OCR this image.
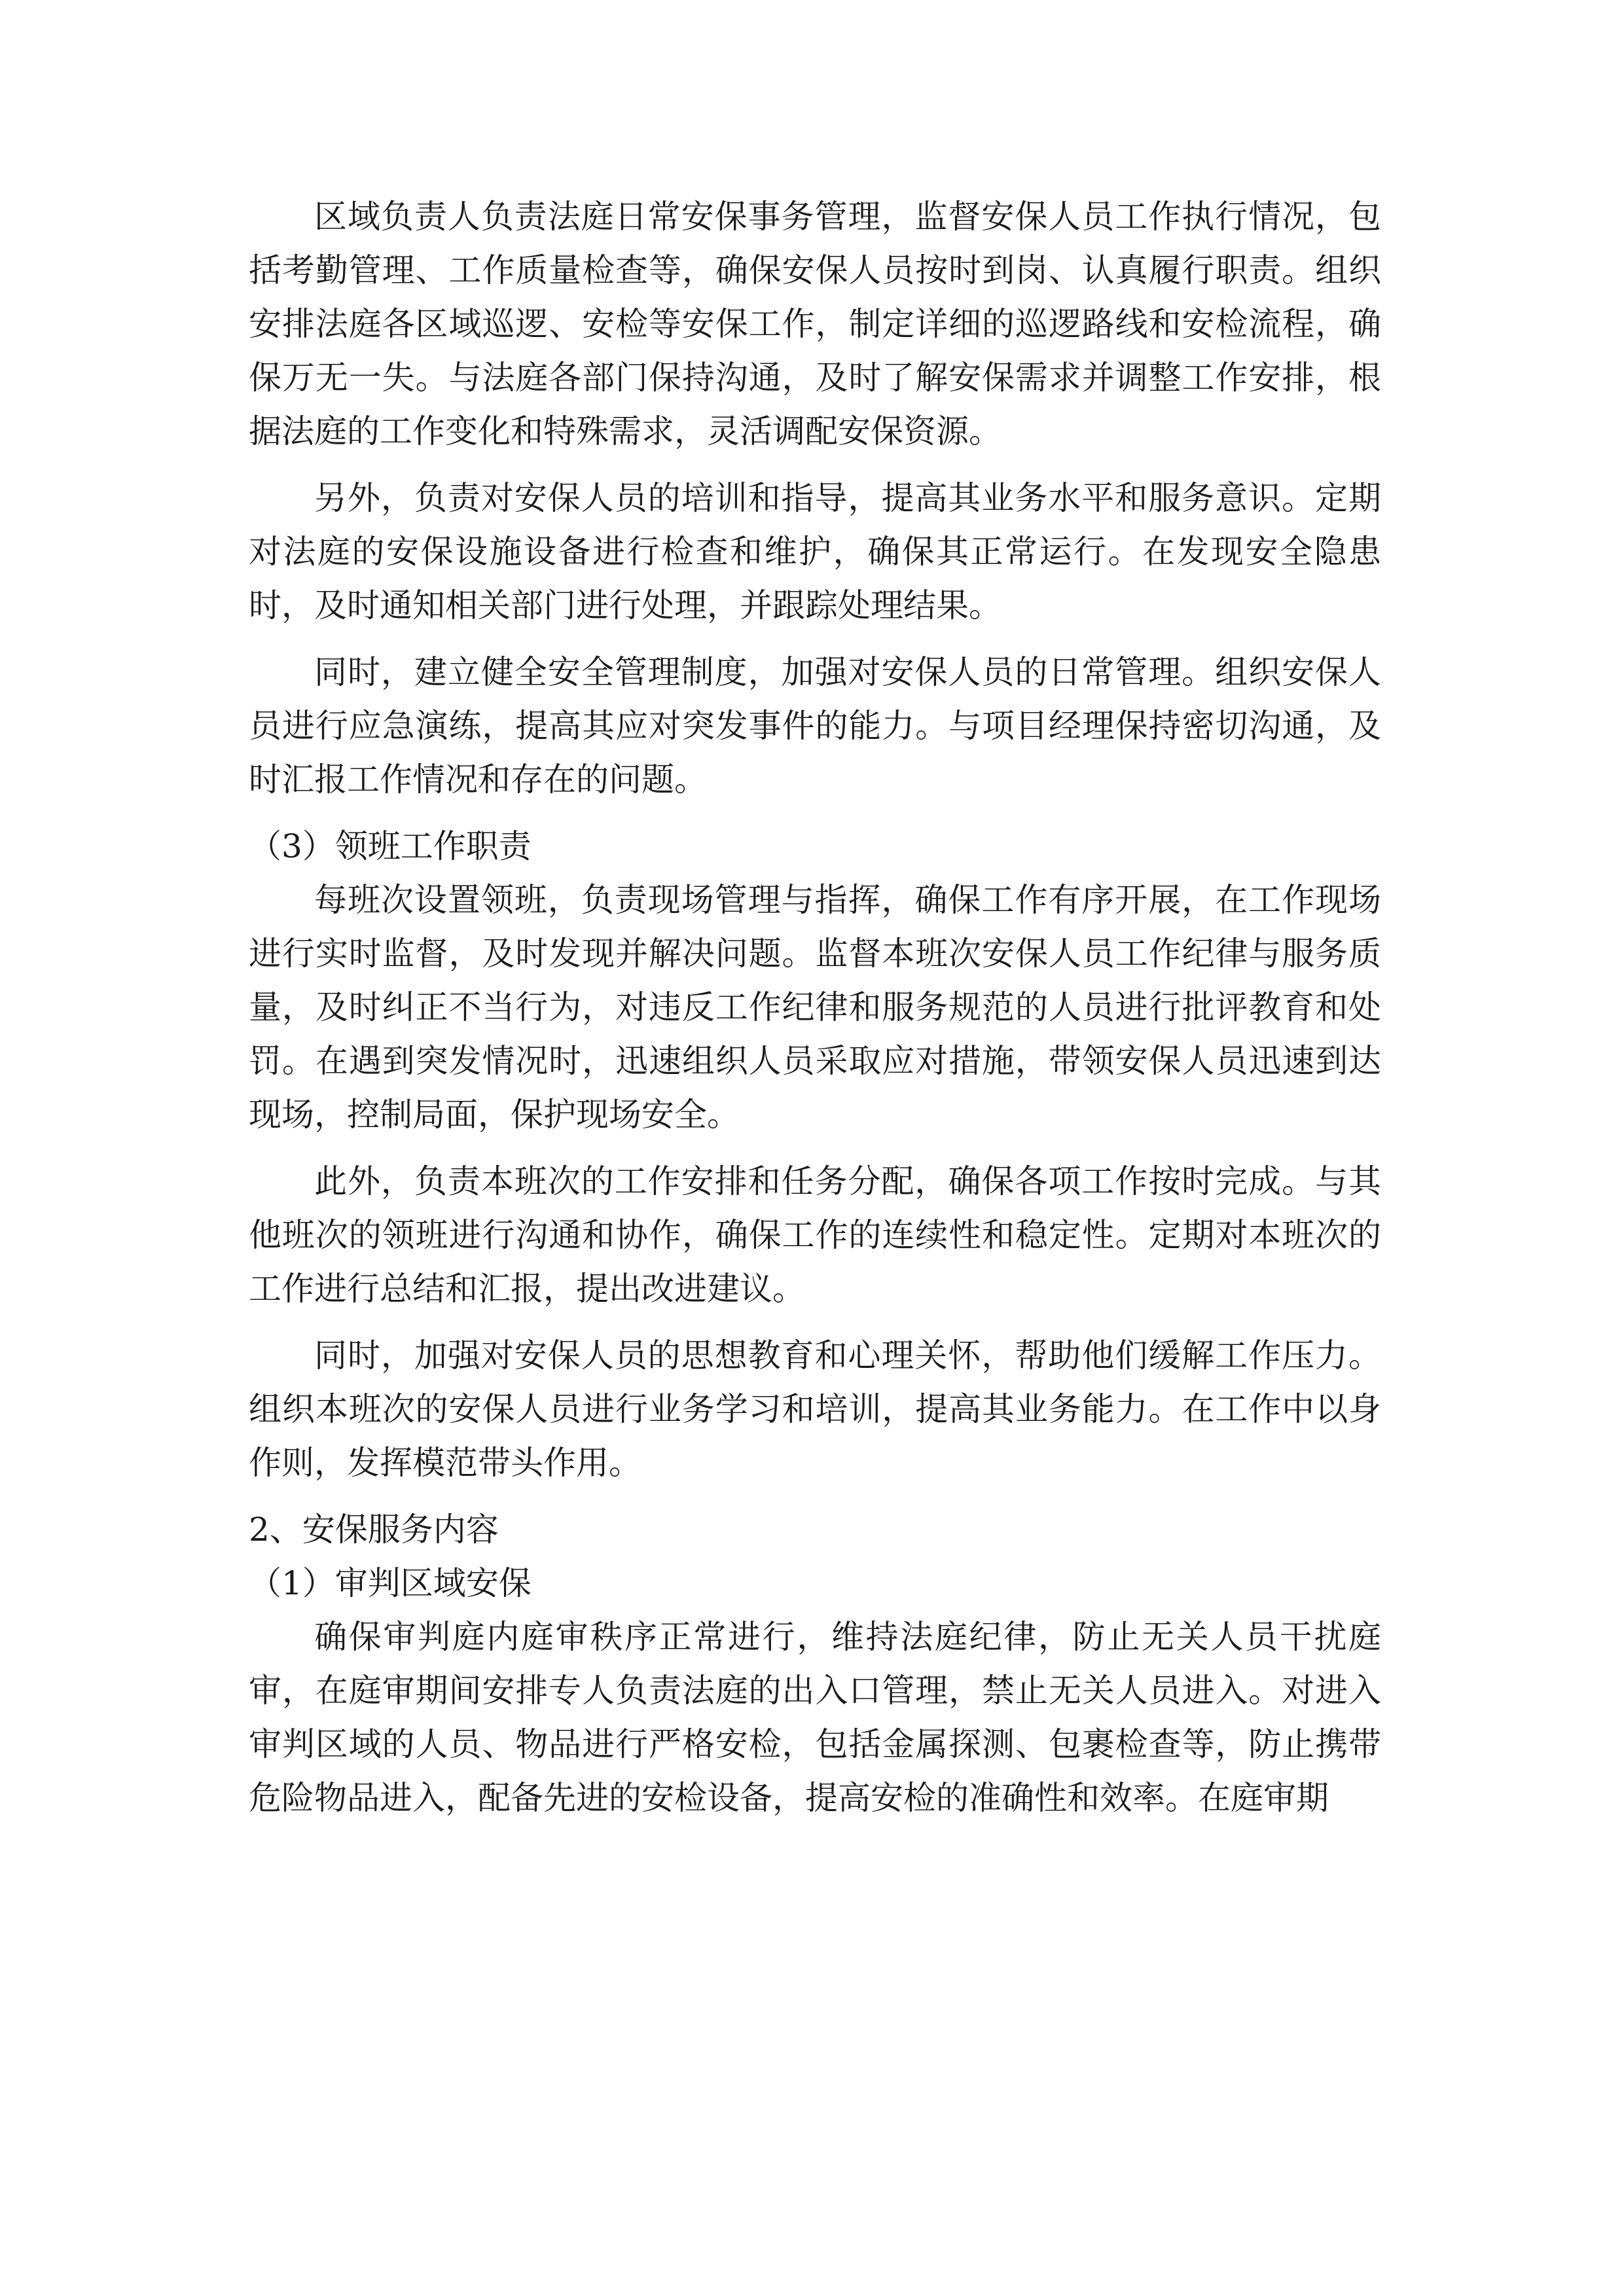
区域负责人负责法庭日常安保事务管理，监督安保人员工作执行情况，包括考勤管理、工作质量检查等，确保安保人员按时到岗、认真履行职责。组织安排法庭各区域巡逻、安检等安保工作，制定详细的巡逻路线和安检流程，确保万无一失。与法庭各部门保持沟通，及时了解安保需求并调整工作安排，根据法庭的工作变化和特殊需求，灵活调配安保资源。

另外，负责对安保人员的培训和指导，提高其业务水平和服务意识。定期对法庭的安保设施设备进行检查和维护，确保其正常运行。在发现安全隐患时，及时通知相关部门进行处理，并跟踪处理结果。

同时，建立健全安全管理制度，加强对安保人员的日常管理。组织安保人员进行应急演练，提高其应对突发事件的能力。与项目经理保持密切沟通，及时汇报工作情况和存在的问题。

（3）领班工作职责

每班次设置领班，负责现场管理与指挥，确保工作有序开展，在工作现场进行实时监督，及时发现并解决问题。监督本班次安保人员工作纪律与服务质量，及时纠正不当行为，对违反工作纪律和服务规范的人员进行批评教育和处罚。在遇到突发情况时，迅速组织人员采取应对措施，带领安保人员迅速到达现场，控制局面，保护现场安全。

此外，负责本班次的工作安排和任务分配，确保各项工作按时完成。与其他班次的领班进行沟通和协作，确保工作的连续性和稳定性。定期对本班次的工作进行总结和汇报，提出改进建议。

同时，加强对安保人员的思想教育和心理关怀，帮助他们缓解工作压力。组织本班次的安保人员进行业务学习和培训，提高其业务能力。在工作中以身作则，发挥模范带头作用。

2、安保服务内容

（1）审判区域安保

确保审判庭内庭审秩序正常进行，维持法庭纪律，防止无关人员干扰庭审，在庭审期间安排专人负责法庭的出入口管理，禁止无关人员进入。对进入审判区域的人员、物品进行严格安检，包括金属探测、包裹检查等，防止携带危险物品进入，配备先进的安检设备，提高安检的准确性和效率。在庭审期
